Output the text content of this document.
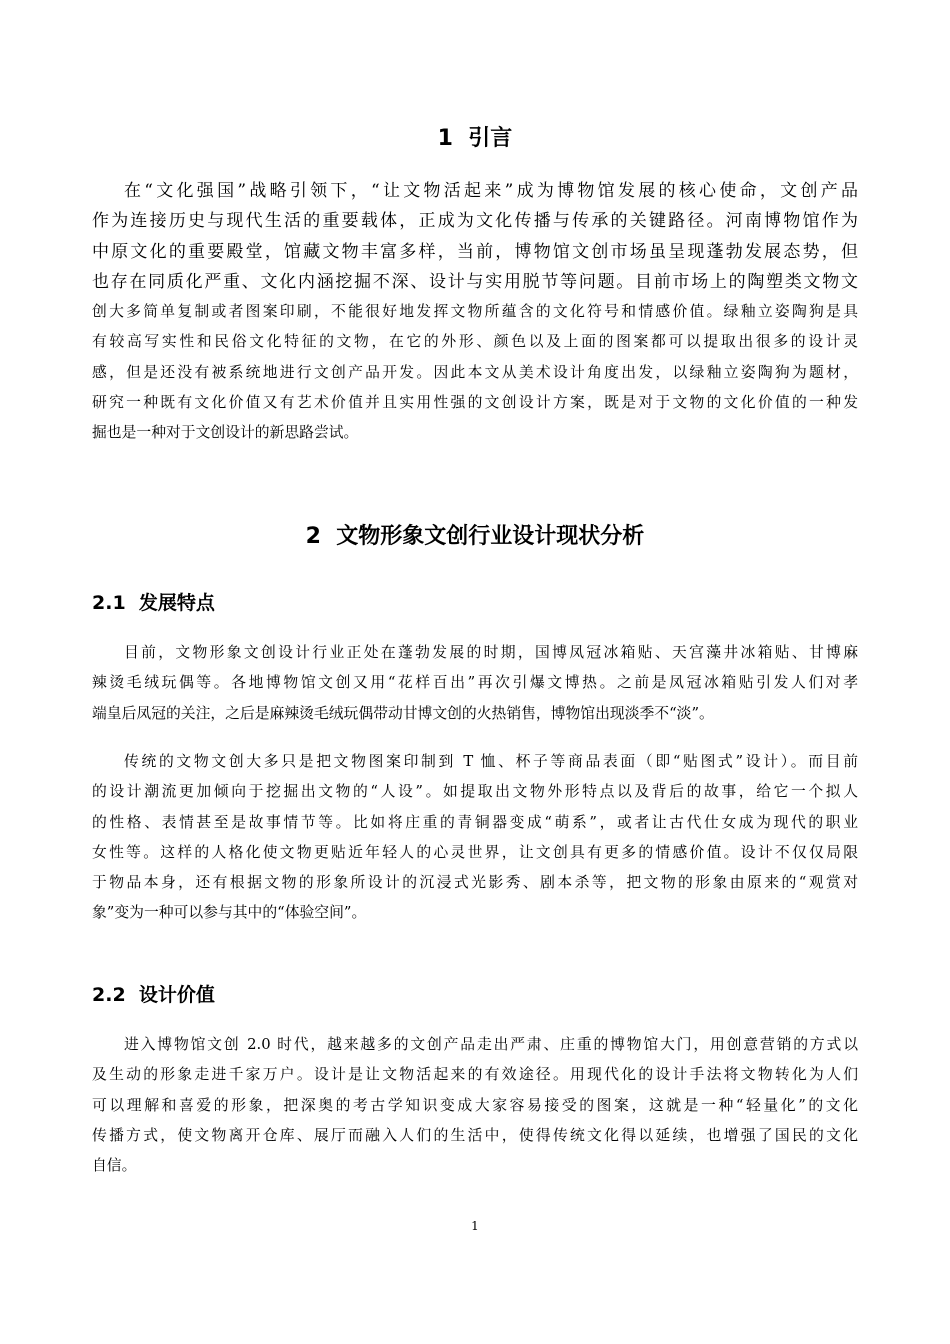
1  引言
在“文化强国”战略引领下，“让文物活起来”成为博物馆发展的核心使命，文创产品
作为连接历史与现代生活的重要载体，正成为文化传播与传承的关键路径。河南博物馆作为
中原文化的重要殿堂，馆藏文物丰富多样，当前，博物馆文创市场虽呈现蓬勃发展态势，但
也存在同质化严重、文化内涵挖掘不深、设计与实用脱节等问题。目前市场上的陶塑类文物文
创大多简单复制或者图案印刷，不能很好地发挥文物所蕴含的文化符号和情感价值。绿釉立姿陶狗是具
有较高写实性和民俗文化特征的文物，在它的外形、颜色以及上面的图案都可以提取出很多的设计灵
感，但是还没有被系统地进行文创产品开发。因此本文从美术设计角度出发，以绿釉立姿陶狗为题材，
研究一种既有文化价值又有艺术价值并且实用性强的文创设计方案，既是对于文物的文化价值的一种发
掘也是一种对于文创设计的新思路尝试。
2  文物形象文创行业设计现状分析
2.1  发展特点
目前，文物形象文创设计行业正处在蓬勃发展的时期，国博凤冠冰箱贴、天宫藻井冰箱贴、甘博麻
辣烫毛绒玩偶等。各地博物馆文创又用“花样百出”再次引爆文博热。之前是凤冠冰箱贴引发人们对孝
端皇后凤冠的关注，之后是麻辣烫毛绒玩偶带动甘博文创的火热销售，博物馆出现淡季不“淡”。
传统的文物文创大多只是把文物图案印制到 T 恤、杯子等商品表面（即“贴图式”设计）。而目前
的设计潮流更加倾向于挖掘出文物的“人设”。如提取出文物外形特点以及背后的故事，给它一个拟人
的性格、表情甚至是故事情节等。比如将庄重的青铜器变成“萌系”，或者让古代仕女成为现代的职业
女性等。这样的人格化使文物更贴近年轻人的心灵世界，让文创具有更多的情感价值。设计不仅仅局限
于物品本身，还有根据文物的形象所设计的沉浸式光影秀、剧本杀等，把文物的形象由原来的“观赏对
象”变为一种可以参与其中的“体验空间”。
2.2  设计价值
进入博物馆文创 2.0 时代，越来越多的文创产品走出严肃、庄重的博物馆大门，用创意营销的方式以
及生动的形象走进千家万户。设计是让文物活起来的有效途径。用现代化的设计手法将文物转化为人们
可以理解和喜爱的形象，把深奥的考古学知识变成大家容易接受的图案，这就是一种“轻量化”的文化
传播方式，使文物离开仓库、展厅而融入人们的生活中，使得传统文化得以延续，也增强了国民的文化
自信。
1
